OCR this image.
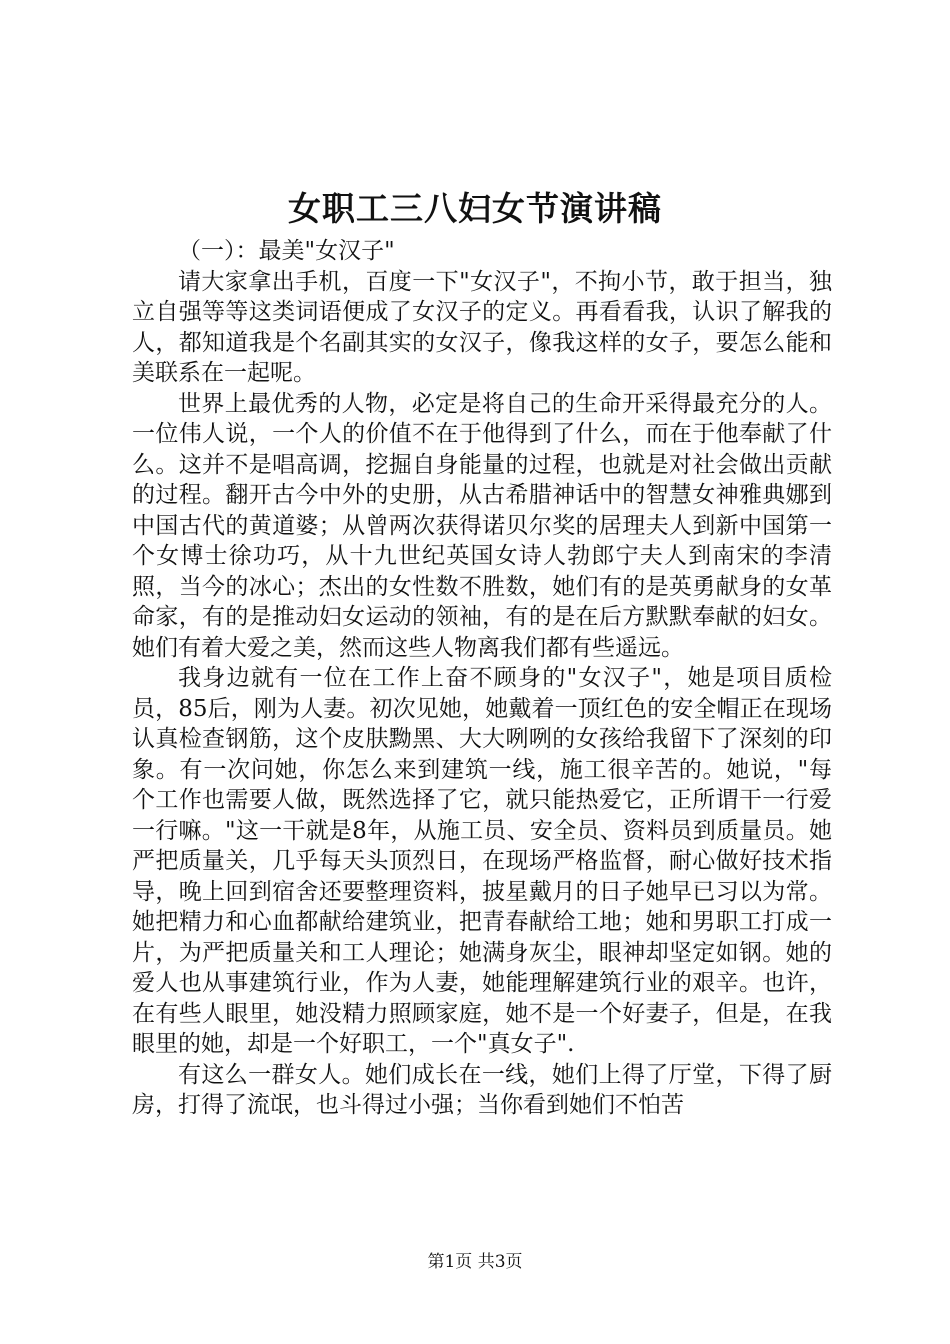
女职工三八妇女节演讲稿

（一）：最美"女汉子"

请大家拿出手机，百度一下"女汉子"，不拘小节，敢于担当，独立自强等等这类词语便成了女汉子的定义。再看看我，认识了解我的人，都知道我是个名副其实的女汉子，像我这样的女子，要怎么能和美联系在一起呢。

世界上最优秀的人物，必定是将自己的生命开采得最充分的人。一位伟人说，一个人的价值不在于他得到了什么，而在于他奉献了什么。这并不是唱高调，挖掘自身能量的过程，也就是对社会做出贡献的过程。翻开古今中外的史册，从古希腊神话中的智慧女神雅典娜到中国古代的黄道婆；从曾两次获得诺贝尔奖的居理夫人到新中国第一个女博士徐功巧，从十九世纪英国女诗人勃郎宁夫人到南宋的李清照，当今的冰心；杰出的女性数不胜数，她们有的是英勇献身的女革命家，有的是推动妇女运动的领袖，有的是在后方默默奉献的妇女。她们有着大爱之美，然而这些人物离我们都有些遥远。

我身边就有一位在工作上奋不顾身的"女汉子"，她是项目质检员，85后，刚为人妻。初次见她，她戴着一顶红色的安全帽正在现场认真检查钢筋，这个皮肤黝黑、大大咧咧的女孩给我留下了深刻的印象。有一次问她，你怎么来到建筑一线，施工很辛苦的。她说，"每个工作也需要人做，既然选择了它，就只能热爱它，正所谓干一行爱一行嘛。"这一干就是8年，从施工员、安全员、资料员到质量员。她严把质量关，几乎每天头顶烈日，在现场严格监督，耐心做好技术指导，晚上回到宿舍还要整理资料，披星戴月的日子她早已习以为常。她把精力和心血都献给建筑业，把青春献给工地；她和男职工打成一片，为严把质量关和工人理论；她满身灰尘，眼神却坚定如钢。她的爱人也从事建筑行业，作为人妻，她能理解建筑行业的艰辛。也许，在有些人眼里，她没精力照顾家庭，她不是一个好妻子，但是，在我眼里的她，却是一个好职工，一个"真女子".

有这么一群女人。她们成长在一线，她们上得了厅堂，下得了厨房，打得了流氓，也斗得过小强；当你看到她们不怕苦

第1页 共3页
